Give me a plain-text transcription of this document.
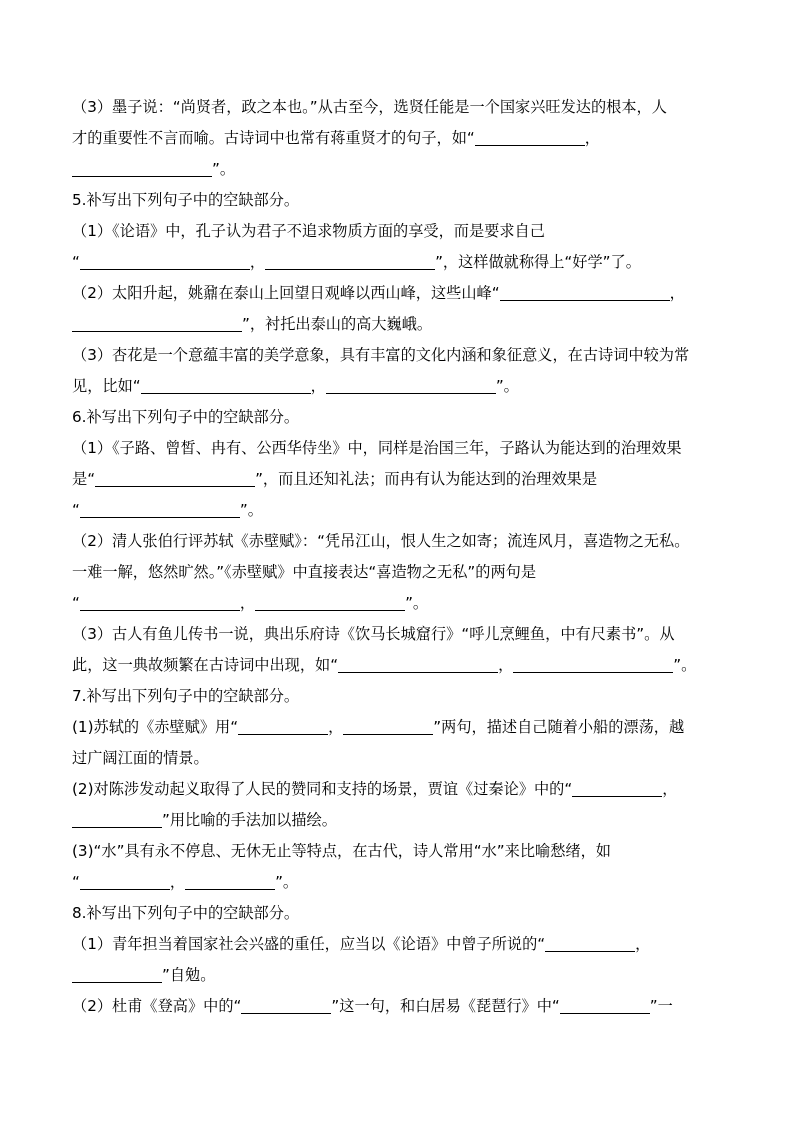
（3）墨子说：“尚贤者，政之本也。”从古至今，选贤任能是一个国家兴旺发达的根本，人
才的重要性不言而喻。古诗词中也常有蒋重贤才的句子，如“	，
”。
5.补写出下列句子中的空缺部分。
（1）《论语》中，孔子认为君子不追求物质方面的享受，而是要求自己
“	，	”，这样做就称得上“好学”了。
（2）太阳升起，姚鼐在泰山上回望日观峰以西山峰，这些山峰“	，
”，衬托出泰山的高大巍峨。
（3）杏花是一个意蕴丰富的美学意象，具有丰富的文化内涵和象征意义，在古诗词中较为常
见，比如“	，	”。
6.补写出下列句子中的空缺部分。
（1）《子路、曾皙、冉有、公西华侍坐》中，同样是治国三年，子路认为能达到的治理效果
是“	”，而且还知礼法；而冉有认为能达到的治理效果是
“	”。
（2）清人张伯行评苏轼《赤壁赋》：“凭吊江山，恨人生之如寄；流连风月，喜造物之无私。
一难一解，悠然旷然。”《赤壁赋》中直接表达“喜造物之无私”的两句是
“	，	”。
（3）古人有鱼儿传书一说，典出乐府诗《饮马长城窟行》“呼儿烹鲤鱼，中有尺素书”。从
此，这一典故频繁在古诗词中出现，如“	，	”。
7.补写出下列句子中的空缺部分。
(1)苏轼的《赤壁赋》用“	，	”两句，描述自己随着小船的漂荡，越
过广阔江面的情景。
(2)对陈涉发动起义取得了人民的赞同和支持的场景，贾谊《过秦论》中的“	，
”用比喻的手法加以描绘。
(3)“水”具有永不停息、无休无止等特点，在古代，诗人常用“水”来比喻愁绪，如
“	，	”。
8.补写出下列句子中的空缺部分。
（1）青年担当着国家社会兴盛的重任，应当以《论语》中曾子所说的“	，
”自勉。
（2）杜甫《登高》中的“	”这一句，和白居易《琵琶行》中“	”一
